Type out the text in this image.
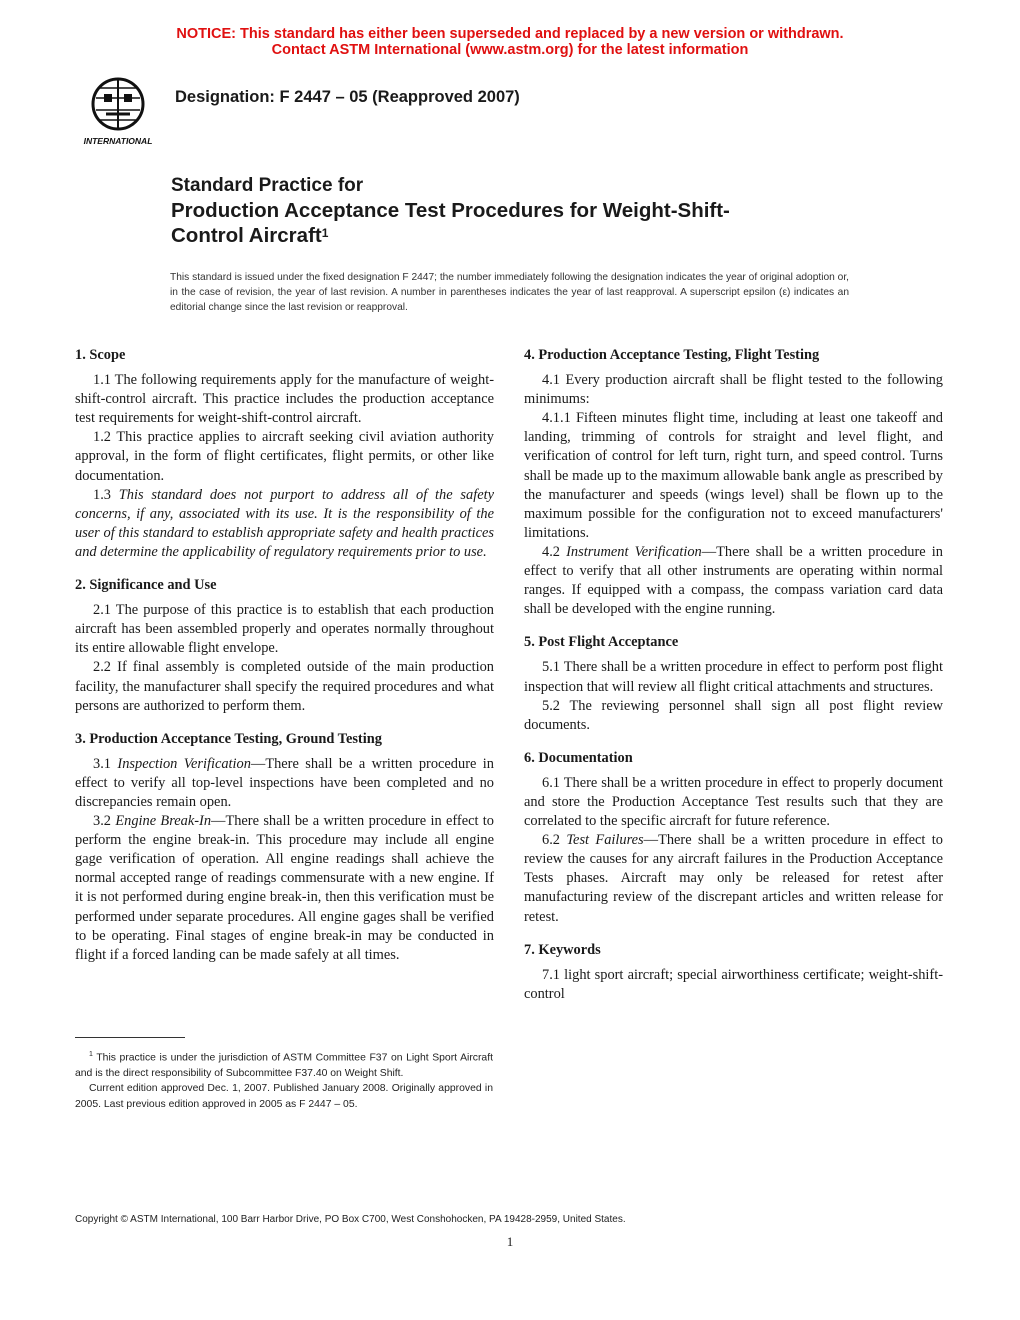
NOTICE: This standard has either been superseded and replaced by a new version or withdrawn.
Contact ASTM International (www.astm.org) for the latest information
INTERNATIONAL
Designation: F 2447 – 05 (Reapproved 2007)
Standard Practice for
Production Acceptance Test Procedures for Weight-Shift-
Control Aircraft$^1$
This standard is issued under the fixed designation F 2447; the number immediately following the designation indicates the year of original adoption or, in the case of revision, the year of last revision. A number in parentheses indicates the year of last reapproval. A superscript epsilon (ε) indicates an editorial change since the last revision or reapproval.
1. Scope

1.1 The following requirements apply for the manufacture of weight-shift-control aircraft. This practice includes the production acceptance test requirements for weight-shift-control aircraft.

1.2 This practice applies to aircraft seeking civil aviation authority approval, in the form of flight certificates, flight permits, or other like documentation.

1.3 This standard does not purport to address all of the safety concerns, if any, associated with its use. It is the responsibility of the user of this standard to establish appropriate safety and health practices and determine the applicability of regulatory requirements prior to use.

2. Significance and Use

2.1 The purpose of this practice is to establish that each production aircraft has been assembled properly and operates normally throughout its entire allowable flight envelope.

2.2 If final assembly is completed outside of the main production facility, the manufacturer shall specify the required procedures and what persons are authorized to perform them.

3. Production Acceptance Testing, Ground Testing

3.1 Inspection Verification—There shall be a written procedure in effect to verify all top-level inspections have been completed and no discrepancies remain open.

3.2 Engine Break-In—There shall be a written procedure in effect to perform the engine break-in. This procedure may include all engine gage verification of operation. All engine readings shall achieve the normal accepted range of readings commensurate with a new engine. If it is not performed during engine break-in, then this verification must be performed under separate procedures. All engine gages shall be verified to be operating. Final stages of engine break-in may be conducted in flight if a forced landing can be made safely at all times.

4. Production Acceptance Testing, Flight Testing

4.1 Every production aircraft shall be flight tested to the following minimums:

4.1.1 Fifteen minutes flight time, including at least one takeoff and landing, trimming of controls for straight and level flight, and verification of control for left turn, right turn, and speed control. Turns shall be made up to the maximum allowable bank angle as prescribed by the manufacturer and speeds (wings level) shall be flown up to the maximum possible for the configuration not to exceed manufacturers' limitations.

4.2 Instrument Verification—There shall be a written procedure in effect to verify that all other instruments are operating within normal ranges. If equipped with a compass, the compass variation card data shall be developed with the engine running.

5. Post Flight Acceptance

5.1 There shall be a written procedure in effect to perform post flight inspection that will review all flight critical attachments and structures.

5.2 The reviewing personnel shall sign all post flight review documents.

6. Documentation

6.1 There shall be a written procedure in effect to properly document and store the Production Acceptance Test results such that they are correlated to the specific aircraft for future reference.

6.2 Test Failures—There shall be a written procedure in effect to review the causes for any aircraft failures in the Production Acceptance Tests phases. Aircraft may only be released for retest after manufacturing review of the discrepant articles and written release for retest.

7. Keywords

7.1 light sport aircraft; special airworthiness certificate; weight-shift-control

$^1$ This practice is under the jurisdiction of ASTM Committee F37 on Light Sport Aircraft and is the direct responsibility of Subcommittee F37.40 on Weight Shift.

Current edition approved Dec. 1, 2007. Published January 2008. Originally approved in 2005. Last previous edition approved in 2005 as F 2447 – 05.

Copyright © ASTM International, 100 Barr Harbor Drive, PO Box C700, West Conshohocken, PA 19428-2959, United States.
1
